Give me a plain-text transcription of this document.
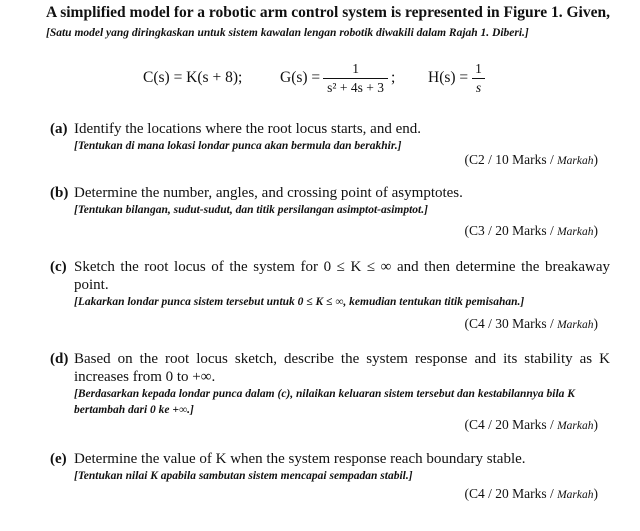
A simplified model for a robotic arm control system is represented in Figure 1. Given,
[Satu model yang diringkaskan untuk sistem kawalan lengan robotik diwakili dalam Rajah 1. Diberi.]
C(s) = K(s + 8); $G(s) = \frac{1}{\text{s² + 4s + 3}}$ ; $H(s) = \frac{1}{s}$
(a) Identify the locations where the root locus starts, and end.
[Tentukan di mana lokasi londar punca akan bermula dan berakhir.]
(C2 / 10 Marks / Markah)
(b) Determine the number, angles, and crossing point of asymptotes.
[Tentukan bilangan, sudut-sudut, dan titik persilangan asimptot-asimptot.]
(C3 / 20 Marks / Markah)
(c) Sketch the root locus of the system for 0 ≤ K ≤ ∞ and then determine the breakaway point.
[Lakarkan londar punca sistem tersebut untuk 0 ≤ K ≤ ∞, kemudian tentukan titik pemisahan.]
(C4 / 30 Marks / Markah)
(d) Based on the root locus sketch, describe the system response and its stability as K increases from 0 to +∞.
[Berdasarkan kepada londar punca dalam (c), nilaikan keluaran sistem tersebut dan kestabilannya bila K bertambah dari 0 ke +∞.]
(C4 / 20 Marks / Markah)
(e) Determine the value of K when the system response reach boundary stable.
[Tentukan nilai K apabila sambutan sistem mencapai sempadan stabil.]
(C4 / 20 Marks / Markah)
